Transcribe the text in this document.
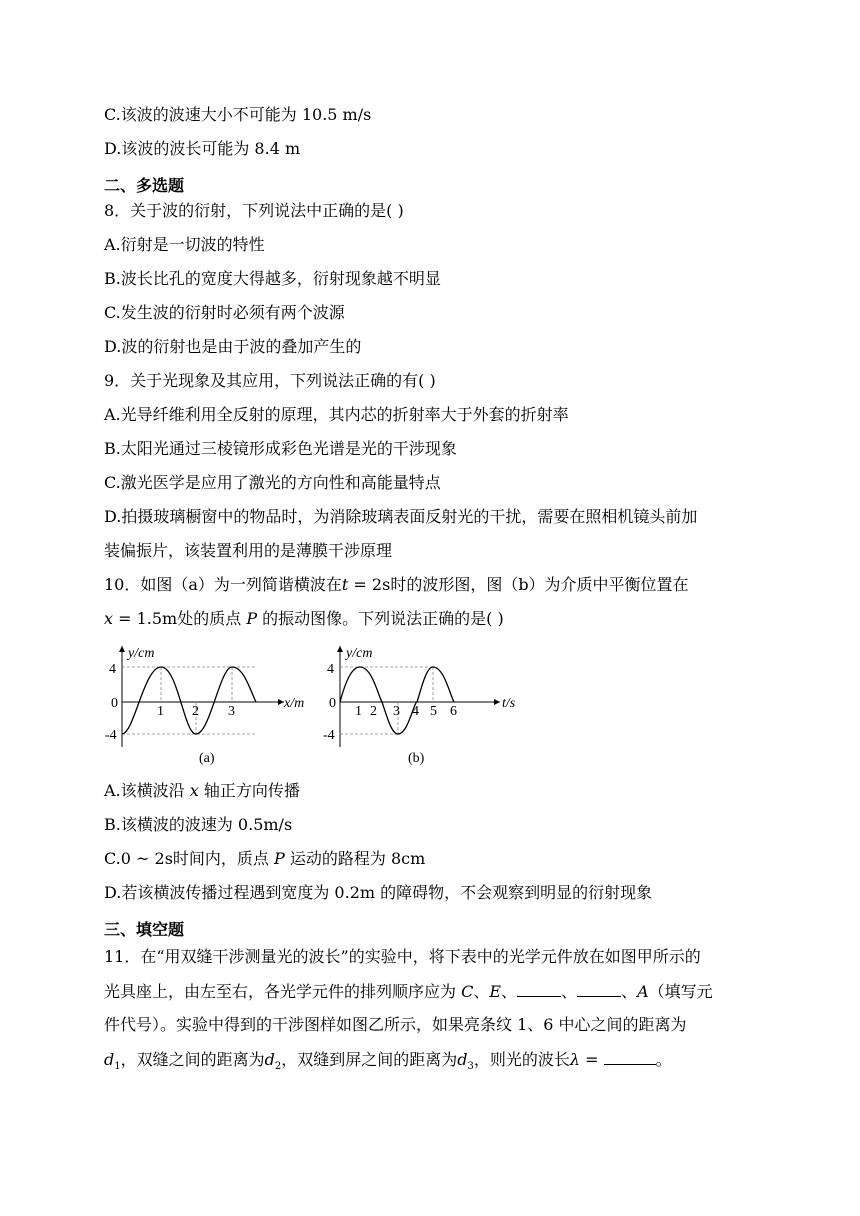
C.该波的波速大小不可能为 10.5 m/s
D.该波的波长可能为 8.4 m
二、多选题
8．关于波的衍射，下列说法中正确的是( )
A.衍射是一切波的特性
B.波长比孔的宽度大得越多，衍射现象越不明显
C.发生波的衍射时必须有两个波源
D.波的衍射也是由于波的叠加产生的
9．关于光现象及其应用，下列说法正确的有( )
A.光导纤维利用全反射的原理，其内芯的折射率大于外套的折射率
B.太阳光通过三棱镜形成彩色光谱是光的干涉现象
C.激光医学是应用了激光的方向性和高能量特点
D.拍摄玻璃橱窗中的物品时，为消除玻璃表面反射光的干扰，需要在照相机镜头前加
装偏振片，该装置利用的是薄膜干涉原理
10．如图（a）为一列简谐横波在t = 2s时的波形图，图（b）为介质中平衡位置在
x = 1.5m处的质点 P 的振动图像。下列说法正确的是( )
y/cm
4
0
-4
1 2 3
x/m
(a)
y/cm
4
0
-4
1 2 3 4 5 6
t/s
(b)
A.该横波沿 x 轴正方向传播
B.该横波的波速为 0.5m/s
C.0 ~ 2s时间内，质点 P 运动的路程为 8cm
D.若该横波传播过程遇到宽度为 0.2m 的障碍物，不会观察到明显的衍射现象
三、填空题
11．在“用双缝干涉测量光的波长”的实验中，将下表中的光学元件放在如图甲所示的
光具座上，由左至右，各光学元件的排列顺序应为 C、E、	、	、A（填写元
件代号）。实验中得到的干涉图样如图乙所示，如果亮条纹 1、6 中心之间的距离为
$d_1$，双缝之间的距离为$d_2$，双缝到屏之间的距离为$d_3$，则光的波长λ =	。
